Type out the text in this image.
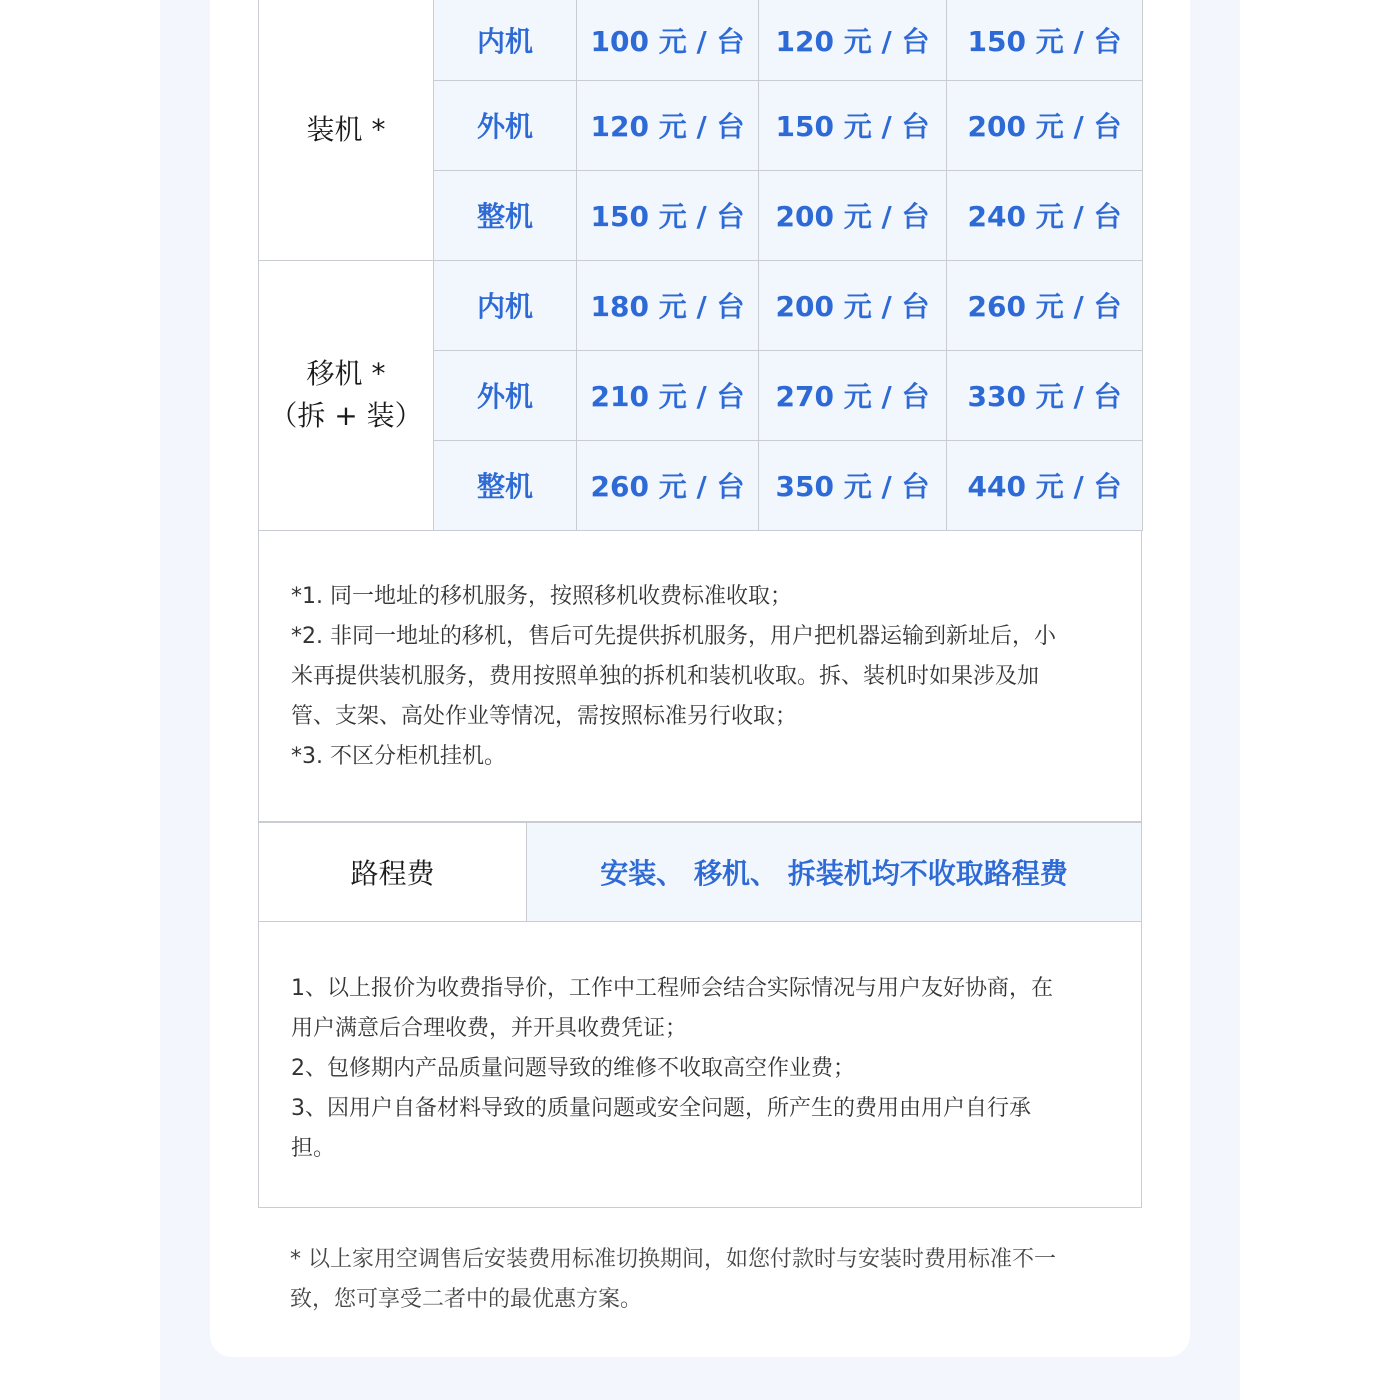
装机 *	内机	100 元 / 台	120 元 / 台	150 元 / 台
	外机	120 元 / 台	150 元 / 台	200 元 / 台
	整机	150 元 / 台	200 元 / 台	240 元 / 台

移机 *
（拆 + 装）	内机	180 元 / 台	200 元 / 台	260 元 / 台
	外机	210 元 / 台	270 元 / 台	330 元 / 台
	整机	260 元 / 台	350 元 / 台	440 元 / 台
*1. 同一地址的移机服务，按照移机收费标准收取；
*2. 非同一地址的移机，售后可先提供拆机服务，用户把机器运输到新址后，小
米再提供装机服务，费用按照单独的拆机和装机收取。拆、装机时如果涉及加
管、支架、高处作业等情况，需按照标准另行收取；
*3. 不区分柜机挂机。
路程费	安装、 移机、 拆装机均不收取路程费
1、以上报价为收费指导价，工作中工程师会结合实际情况与用户友好协商，在
用户满意后合理收费，并开具收费凭证；
2、包修期内产品质量问题导致的维修不收取高空作业费；
3、因用户自备材料导致的质量问题或安全问题，所产生的费用由用户自行承
担。
* 以上家用空调售后安装费用标准切换期间，如您付款时与安装时费用标准不一
致，您可享受二者中的最优惠方案。
